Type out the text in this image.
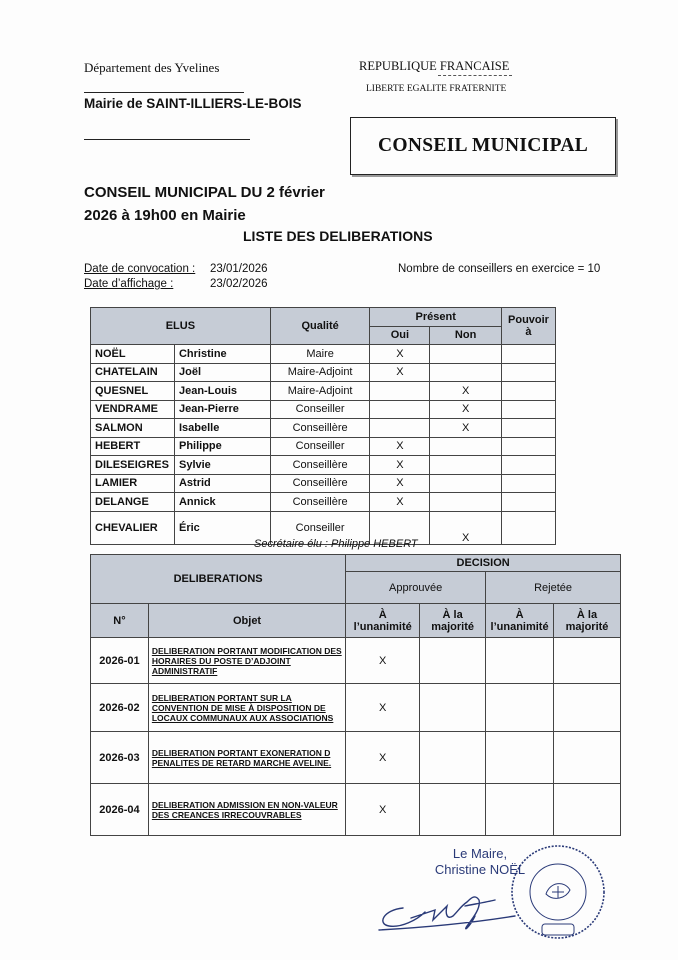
Département des Yvelines
Mairie de SAINT-ILLIERS-LE-BOIS
REPUBLIQUE FRANCAISE
LIBERTE EGALITE FRATERNITE
CONSEIL MUNICIPAL
CONSEIL MUNICIPAL DU 2 février
2026 à 19h00 en Mairie
LISTE DES DELIBERATIONS
Date de convocation : 23/01/2026
Date d’affichage :	23/02/2026
Nombre de conseillers en exercice = 10
ELUS		Qualité	Présent		Pouvoir à
			Oui	Non	
NOËL	Christine	Maire	X		
CHATELAIN	Joël	Maire-Adjoint	X		
QUESNEL	Jean-Louis	Maire-Adjoint		X	
VENDRAME	Jean-Pierre	Conseiller		X	
SALMON	Isabelle	Conseillère		X	
HEBERT	Philippe	Conseiller	X		
DILESEIGRES	Sylvie	Conseillère	X		
LAMIER	Astrid	Conseillère	X		
DELANGE	Annick	Conseillère	X		
CHEVALIER	Éric	Conseiller		X	
Secrétaire élu : Philippe HEBERT
DELIBERATIONS		DECISION			
		Approuvée		Rejetée	
N°	Objet	À l’unanimité	À la majorité	À l’unanimité	À la majorité
2026-01	DELIBERATION PORTANT MODIFICATION DES HORAIRES DU POSTE D’ADJOINT ADMINISTRATIF	X			
2026-02	DELIBERATION PORTANT SUR LA CONVENTION DE MISE À DISPOSITION DE LOCAUX COMMUNAUX AUX ASSOCIATIONS	X			
2026-03	DELIBERATION PORTANT EXONERATION D PENALITES DE RETARD MARCHE AVELINE.	X			
2026-04	DELIBERATION ADMISSION EN NON-VALEUR DES CREANCES IRRECOUVRABLES	X			
Le Maire,
Christine NOËL
